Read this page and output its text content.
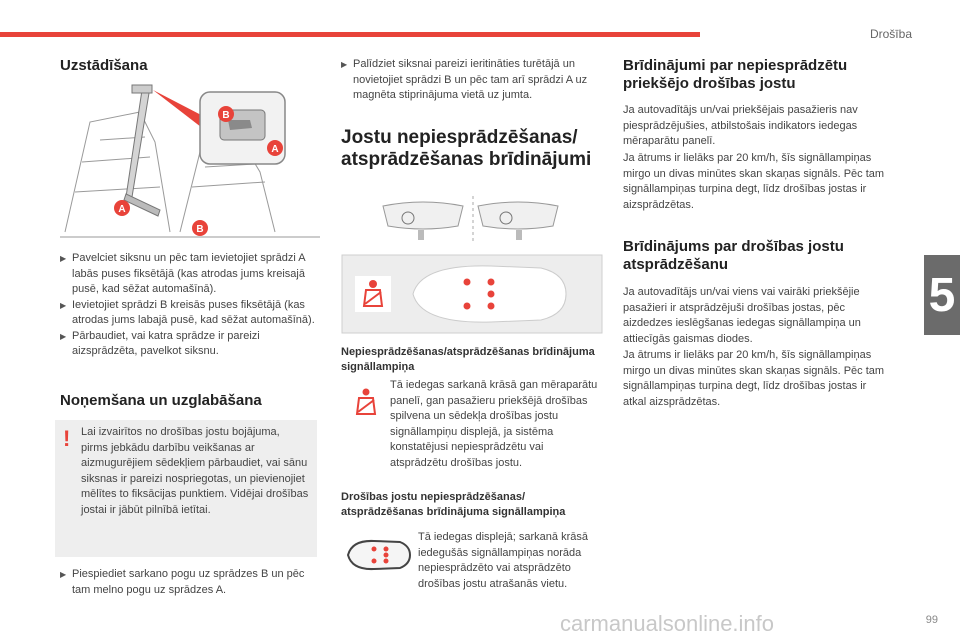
Drošība
5
99
carmanualsonline.info
Uzstādīšana
B
A
A
B
▶ Pavelciet siksnu un pēc tam ievietojiet sprādzi A labās puses fiksētājā (kas atrodas jums kreisajā pusē, kad sēžat automašīnā).
▶ Ievietojiet sprādzi B kreisās puses fiksētājā (kas atrodas jums labajā pusē, kad sēžat automašīnā).
▶ Pārbaudiet, vai katra sprādze ir pareizi aizsprādzēta, pavelkot siksnu.
Noņemšana un uzglabāšana
! Lai izvairītos no drošības jostu bojājuma, pirms jebkādu darbību veikšanas ar aizmugurējiem sēdekļiem pārbaudiet, vai sānu siksnas ir pareizi nospriegotas, un pievienojiet mēlītes to fiksācijas punktiem. Vidējai drošības jostai ir jābūt pilnībā ietītai.

▶ Piespiediet sarkano pogu uz sprādzes B un pēc tam melno pogu uz sprādzes A.
▶ Palīdziet siksnai pareizi ieritināties turētājā un novietojiet sprādzi B un pēc tam arī sprādzi A uz magnēta stiprinājuma vietā uz jumta.
Jostu nepiesprādzēšanas/ atsprādzēšanas brīdinājumi

Nepiesprādzēšanas/atsprādzēšanas brīdinājuma signāllampiņa

Tā iedegas sarkanā krāsā gan mēraparātu panelī, gan pasažieru priekšējā drošības spilvena un sēdekļa drošības jostu signāllampiņu displejā, ja sistēma konstatējusi nepiesprādzētu vai atsprādzētu drošības jostu.

Drošības jostu nepiesprādzēšanas/ atsprādzēšanas brīdinājuma signāllampiņa

Tā iedegas displejā; sarkanā krāsā iedegušās signāllampiņas norāda nepiesprādzēto vai atsprādzēto drošības jostu atrašanās vietu.

Brīdinājumi par nepiesprādzētu priekšējo drošības jostu

Ja autovadītājs un/vai priekšējais pasažieris nav piesprādzējušies, atbilstošais indikators iedegas mēraparātu panelī.

Ja ātrums ir lielāks par 20 km/h, šīs signāllampiņas mirgo un divas minūtes skan skaņas signāls. Pēc tam signāllampiņas turpina degt, līdz drošības jostas ir aizsprādzētas.

Brīdinājums par drošības jostu atsprādzēšanu

Ja autovadītājs un/vai viens vai vairāki priekšējie pasažieri ir atsprādzējuši drošības jostas, pēc aizdedzes ieslēgšanas iedegas signāllampiņa un attiecīgās gaismas diodes.

Ja ātrums ir lielāks par 20 km/h, šīs signāllampiņas mirgo un divas minūtes skan skaņas signāls. Pēc tam signāllampiņas turpina degt, līdz drošības jostas ir atkal aizsprādzētas.
